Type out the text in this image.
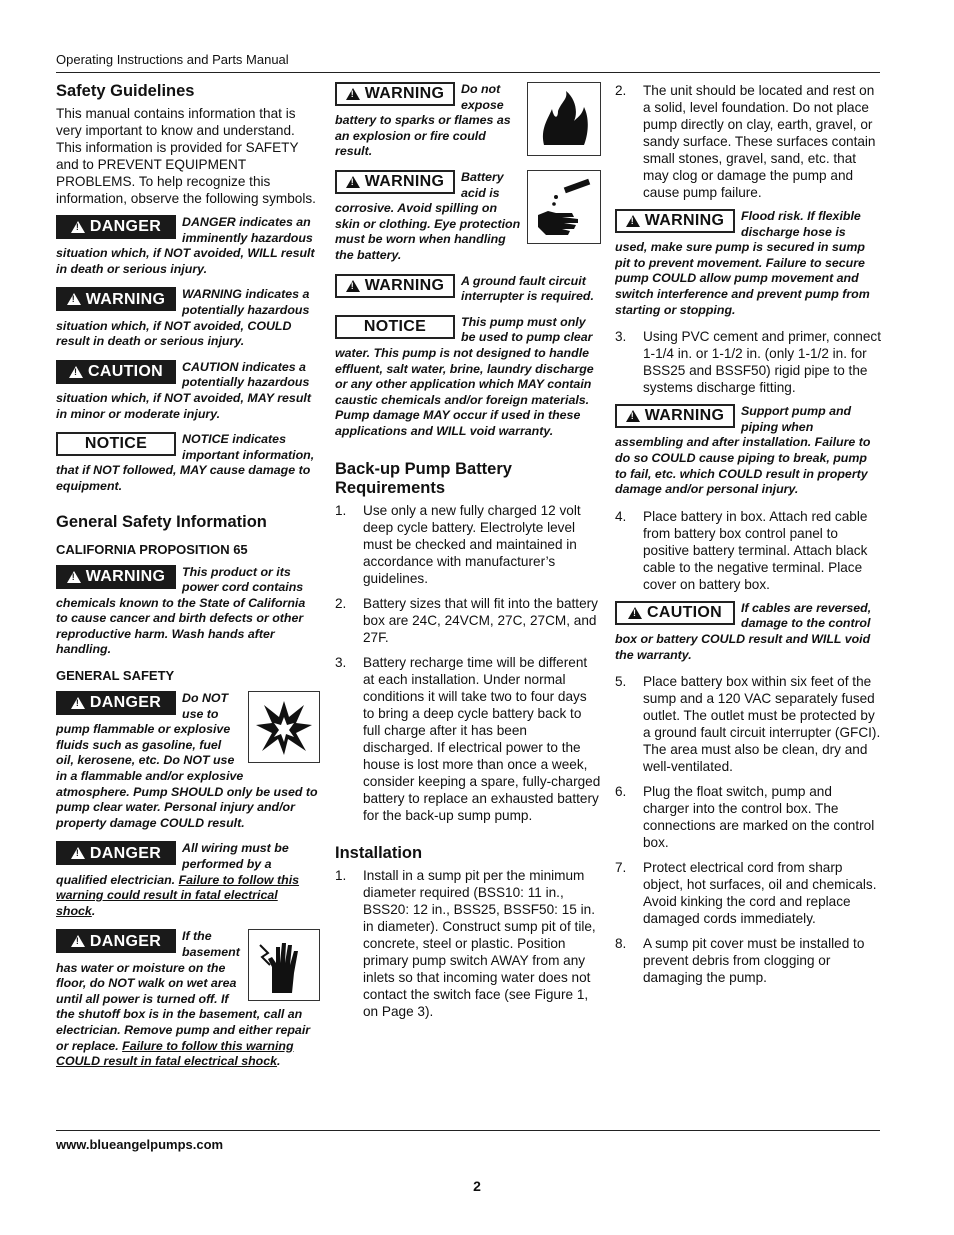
Operating Instructions and Parts Manual
Safety Guidelines

This manual contains information that is very important to know and understand. This information is provided for SAFETY and to PREVENT EQUIPMENT PROBLEMS. To help recognize this information, observe the following symbols.

!
DANGER DANGER indicates an imminently hazardous situation which, if NOT avoided, WILL result in death or serious injury.
!
WARNING WARNING indicates a potentially hazardous situation which, if NOT avoided, COULD result in death or serious injury.
!
CAUTION CAUTION indicates a potentially hazardous situation which, if NOT avoided, MAY result in minor or moderate injury.
NOTICE	NOTICE indicates important information, that if NOT followed, MAY cause damage to equipment.
General Safety Information
CALIFORNIA PROPOSITION 65
!
WARNING This product or its power cord contains chemicals known to the State of California to cause cancer and birth defects or other reproductive harm. Wash hands after handling.
GENERAL SAFETY
!
DANGER Do NOT use to pump flammable or explosive fluids such as gasoline, fuel oil, kerosene, etc. Do NOT use in a flammable and/or explosive atmosphere. Pump SHOULD only be used to pump clear water. Personal injury and/or property damage COULD result.
!
DANGER All wiring must be performed by a qualified electrician. Failure to follow this warning could result in fatal electrical shock.
!
DANGER If the basement has water or moisture on the floor, do NOT walk on wet area until all power is turned off. If the shutoff box is in the basement, call an electrician. Remove pump and either repair or replace. Failure to follow this warning COULD result in fatal electrical shock.
!
WARNING Do not expose battery to sparks or flames as an explosion or fire could result.
!
WARNING Battery acid is corrosive. Avoid spilling on skin or clothing. Eye protection must be worn when handling the battery.
!
WARNING A ground fault circuit interrupter is required.
NOTICE	This pump must only be used to pump clear water. This pump is not designed to handle effluent, salt water, brine, laundry discharge or any other application which MAY contain caustic chemicals and/or foreign materials. Pump damage MAY occur if used in these applications and WILL void warranty.
Back-up Pump Battery Requirements
1. Use only a new fully charged 12 volt deep cycle battery. Electrolyte level must be checked and maintained in accordance with manufacturer’s guidelines.
2. Battery sizes that will fit into the battery box are 24C, 24VCM, 27C, 27CM, and 27F.
3. Battery recharge time will be different at each installation. Under normal conditions it will take two to four days to bring a deep cycle battery back to full charge after it has been discharged. If electrical power to the house is lost more than once a week, consider keeping a spare, fully-charged battery to replace an exhausted battery for the back-up sump pump.
Installation
1. Install in a sump pit per the minimum diameter required (BSS10: 11 in., BSS20: 12 in., BSS25, BSSF50: 15 in. in diameter). Construct sump pit of tile, concrete, steel or plastic. Position primary pump switch AWAY from any inlets so that incoming water does not contact the switch face (see Figure 1, on Page 3).
2. The unit should be located and rest on a solid, level foundation. Do not place pump directly on clay, earth, gravel, or sandy surface. These surfaces contain small stones, gravel, sand, etc. that may clog or damage the pump and cause pump failure.
!
WARNING Flood risk. If flexible discharge hose is used, make sure pump is secured in sump pit to prevent movement. Failure to secure pump COULD allow pump movement and switch interference and prevent pump from starting or stopping.
3. Using PVC cement and primer, connect 1-1/4 in. or 1-1/2 in. (only 1-1/2 in. for BSS25 and BSSF50) rigid pipe to the systems discharge fitting.
!
WARNING Support pump and piping when assembling and after installation. Failure to do so COULD cause piping to break, pump to fail, etc. which COULD result in property damage and/or personal injury.
4. Place battery in box. Attach red cable from battery box control panel to positive battery terminal. Attach black cable to the negative terminal. Place cover on battery box.
!
CAUTION If cables are reversed, damage to the control box or battery COULD result and WILL void the warranty.
5. Place battery box within six feet of the sump and a 120 VAC separately fused outlet. The outlet must be protected by a ground fault circuit interrupter (GFCI). The area must also be clean, dry and well-ventilated.
6. Plug the float switch, pump and charger into the control box. The connections are marked on the control box.
7. Protect electrical cord from sharp object, hot surfaces, oil and chemicals. Avoid kinking the cord and replace damaged cords immediately.
8. A sump pit cover must be installed to prevent debris from clogging or damaging the pump.
www.blueangelpumps.com
2
